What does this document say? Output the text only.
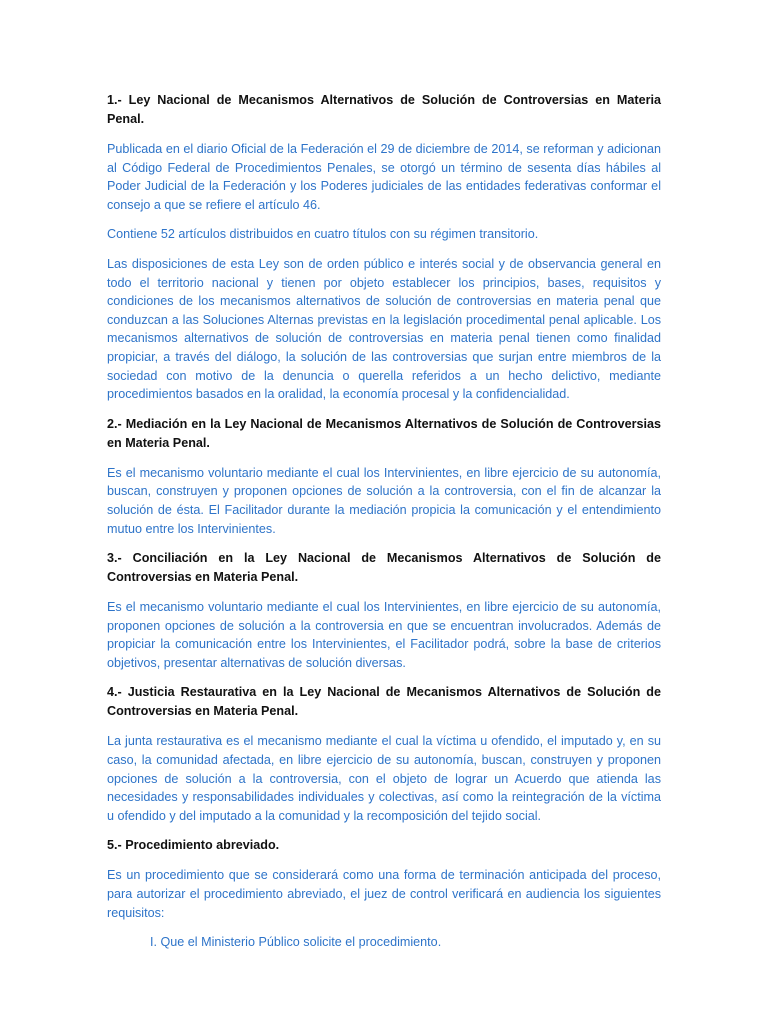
1.- Ley Nacional de Mecanismos Alternativos de Solución de Controversias en Materia Penal.

Publicada en el diario Oficial de la Federación el 29 de diciembre de 2014, se reforman y adicionan al Código Federal de Procedimientos Penales, se otorgó un término de sesenta días hábiles al Poder Judicial de la Federación y los Poderes judiciales de las entidades federativas conformar el consejo a que se refiere el artículo 46.

Contiene 52 artículos distribuidos en cuatro títulos con su régimen transitorio.

Las disposiciones de esta Ley son de orden público e interés social y de observancia general en todo el territorio nacional y tienen por objeto establecer los principios, bases, requisitos y condiciones de los mecanismos alternativos de solución de controversias en materia penal que conduzcan a las Soluciones Alternas previstas en la legislación procedimental penal aplicable. Los mecanismos alternativos de solución de controversias en materia penal tienen como finalidad propiciar, a través del diálogo, la solución de las controversias que surjan entre miembros de la sociedad con motivo de la denuncia o querella referidos a un hecho delictivo, mediante procedimientos basados en la oralidad, la economía procesal y la confidencialidad.

2.- Mediación en la Ley Nacional de Mecanismos Alternativos de Solución de Controversias en Materia Penal.

Es el mecanismo voluntario mediante el cual los Intervinientes, en libre ejercicio de su autonomía, buscan, construyen y proponen opciones de solución a la controversia, con el fin de alcanzar la solución de ésta. El Facilitador durante la mediación propicia la comunicación y el entendimiento mutuo entre los Intervinientes.

3.- Conciliación en la Ley Nacional de Mecanismos Alternativos de Solución de Controversias en Materia Penal.

Es el mecanismo voluntario mediante el cual los Intervinientes, en libre ejercicio de su autonomía, proponen opciones de solución a la controversia en que se encuentran involucrados. Además de propiciar la comunicación entre los Intervinientes, el Facilitador podrá, sobre la base de criterios objetivos, presentar alternativas de solución diversas.

4.- Justicia Restaurativa en la Ley Nacional de Mecanismos Alternativos de Solución de Controversias en Materia Penal.

La junta restaurativa es el mecanismo mediante el cual la víctima u ofendido, el imputado y, en su caso, la comunidad afectada, en libre ejercicio de su autonomía, buscan, construyen y proponen opciones de solución a la controversia, con el objeto de lograr un Acuerdo que atienda las necesidades y responsabilidades individuales y colectivas, así como la reintegración de la víctima u ofendido y del imputado a la comunidad y la recomposición del tejido social.

5.- Procedimiento abreviado.

Es un procedimiento que se considerará como una forma de terminación anticipada del proceso, para autorizar el procedimiento abreviado, el juez de control verificará en audiencia los siguientes requisitos:

I. Que el Ministerio Público solicite el procedimiento.
